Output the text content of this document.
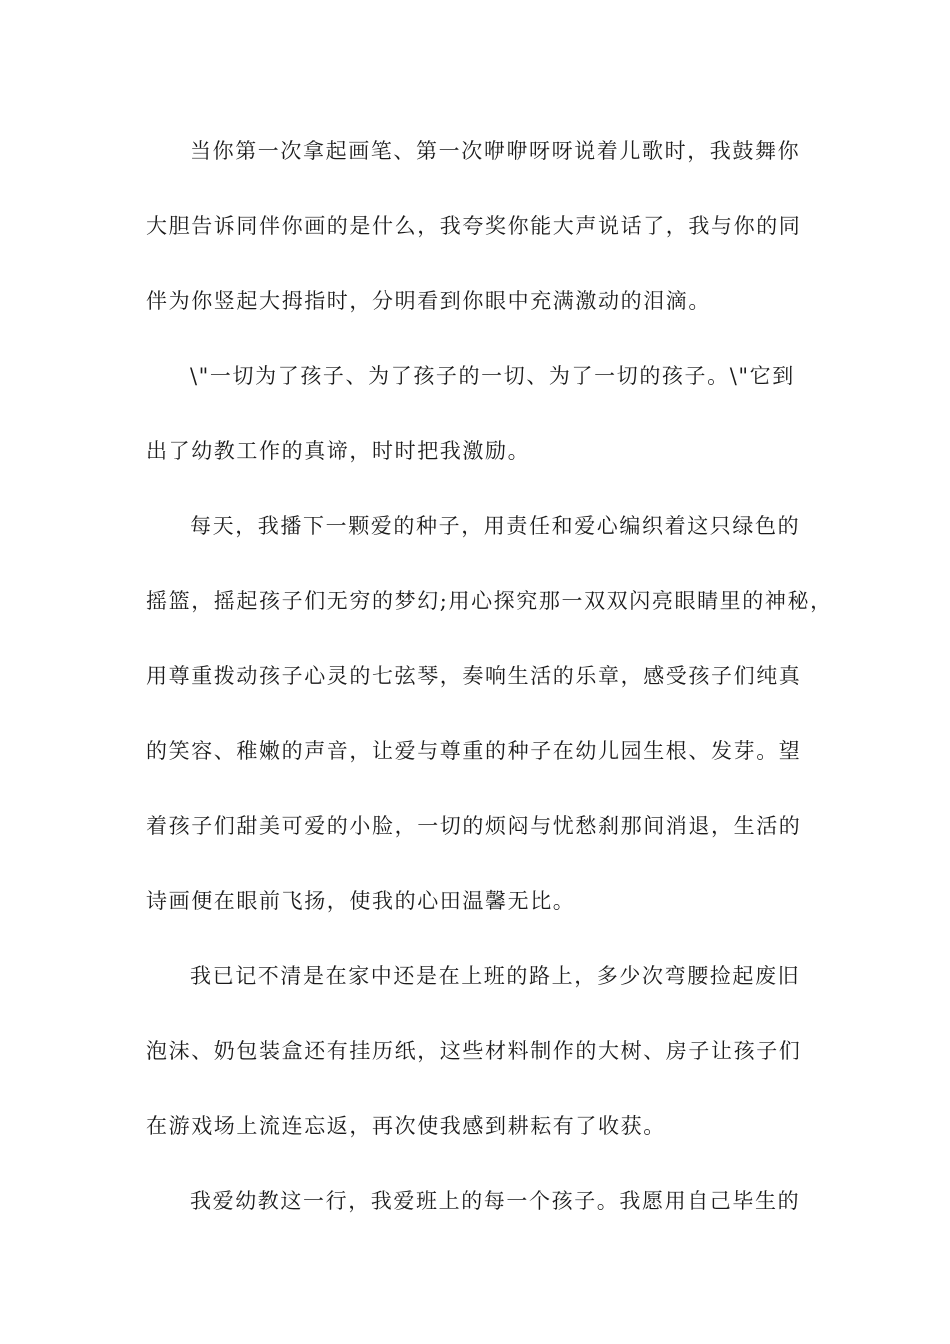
当你第一次拿起画笔、第一次咿咿呀呀说着儿歌时，我鼓舞你
大胆告诉同伴你画的是什么，我夸奖你能大声说话了，我与你的同
伴为你竖起大拇指时，分明看到你眼中充满激动的泪滴。
\"一切为了孩子、为了孩子的一切、为了一切的孩子。\"它到
出了幼教工作的真谛，时时把我激励。
每天，我播下一颗爱的种子，用责任和爱心编织着这只绿色的
摇篮，摇起孩子们无穷的梦幻;用心探究那一双双闪亮眼睛里的神秘，
用尊重拨动孩子心灵的七弦琴，奏响生活的乐章，感受孩子们纯真
的笑容、稚嫩的声音，让爱与尊重的种子在幼儿园生根、发芽。望
着孩子们甜美可爱的小脸，一切的烦闷与忧愁刹那间消退，生活的
诗画便在眼前飞扬，使我的心田温馨无比。
我已记不清是在家中还是在上班的路上，多少次弯腰捡起废旧
泡沫、奶包装盒还有挂历纸，这些材料制作的大树、房子让孩子们
在游戏场上流连忘返，再次使我感到耕耘有了收获。
我爱幼教这一行，我爱班上的每一个孩子。我愿用自己毕生的
